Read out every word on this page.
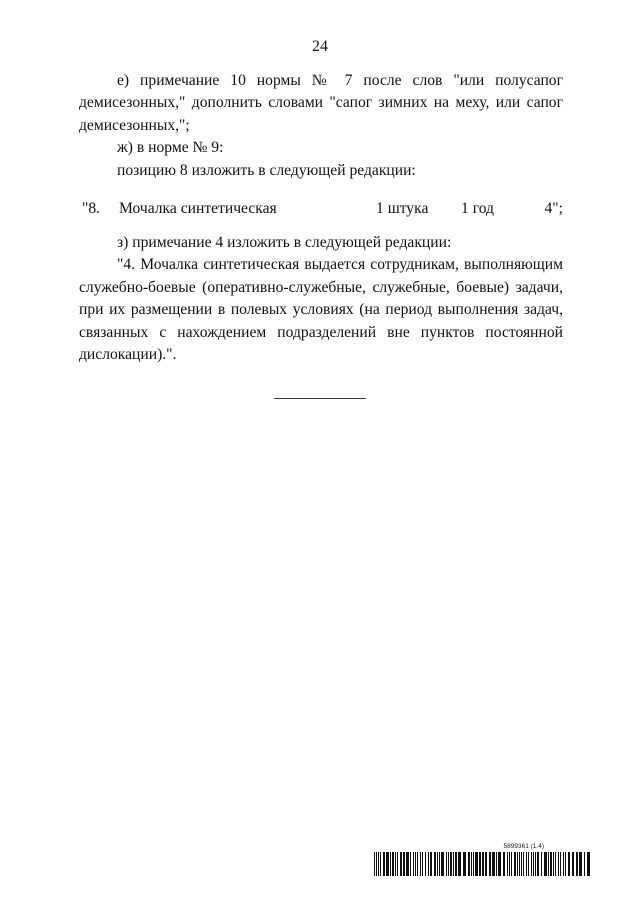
24

е) примечание 10 нормы № 7 после слов "или полусапог

демисезонных," дополнить словами "сапог зимних на меху, или сапог

демисезонных,";

ж) в норме № 9:

позицию 8 изложить в следующей редакции:

"8. Мочалка синтетическая	1 штука 1 год	4";

з) примечание 4 изложить в следующей редакции:

"4. Мочалка синтетическая выдается сотрудникам, выполняющим служебно-боевые (оперативно-служебные, служебные, боевые) задачи, при их размещении в полевых условиях (на период выполнения задач, связанных с нахождением подразделений вне пунктов постоянной дислокации).".

5899361 (1.4)
